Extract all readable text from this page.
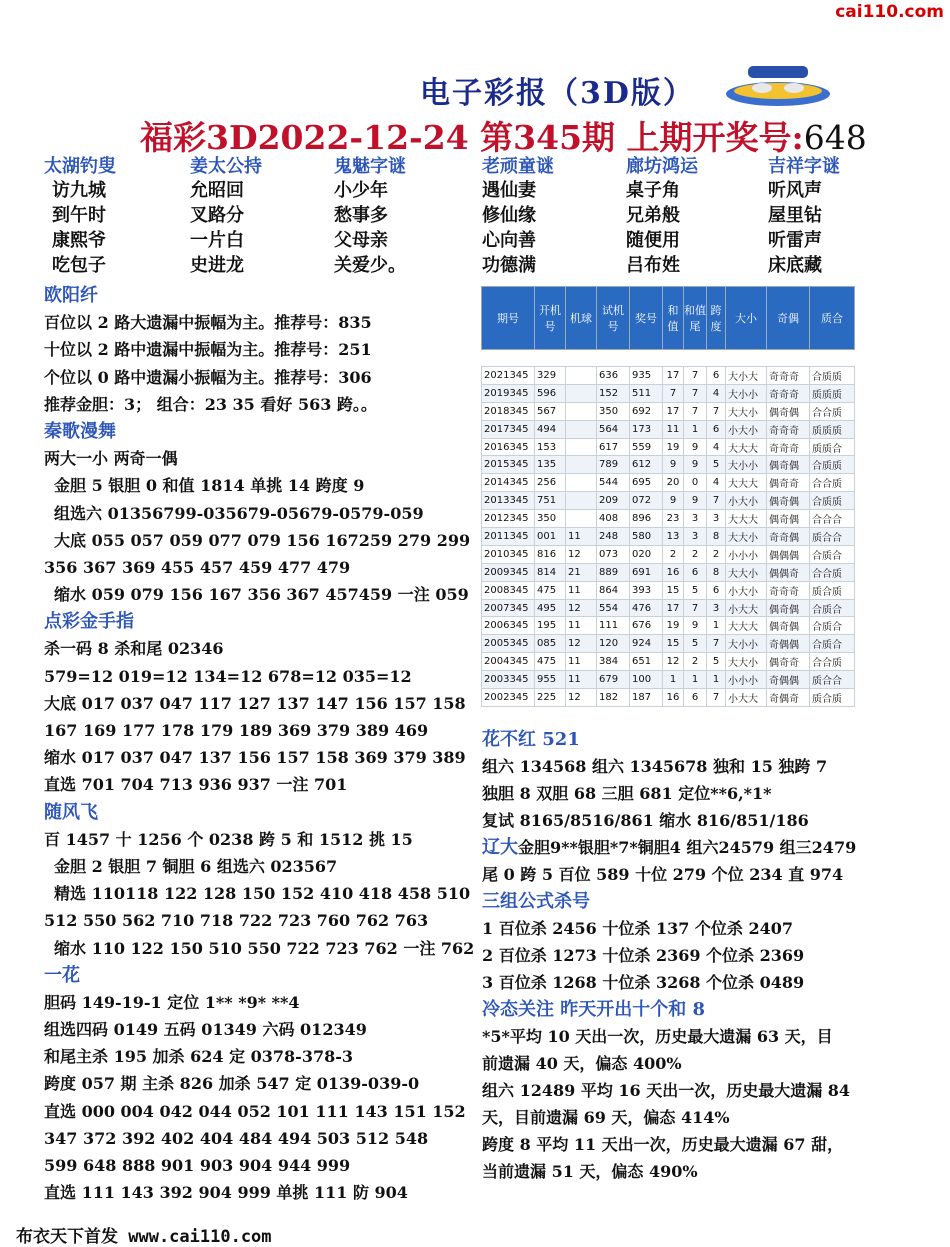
cai110.com
电子彩报（3D版）
福彩3D2022-12-24 第345期 上期开奖号:648
太湖钓叟
访九城
到午时
康熙爷
吃包子
姜太公持
允昭回
叉路分
一片白
史进龙
鬼魅字谜
小少年
愁事多
父母亲
关爱少。
老顽童谜
遇仙妻
修仙缘
心向善
功德满
廊坊鸿运
桌子角
兄弟般
随便用
吕布姓
吉祥字谜
听风声
屋里钻
听雷声
床底藏
欧阳纤
百位以 2 路大遗漏中振幅为主。推荐号：835
十位以 2 路中遗漏中振幅为主。推荐号：251
个位以 0 路中遗漏小振幅为主。推荐号：306
推荐金胆：3； 组合：23 35 看好 563 跨。。
秦歌漫舞
两大一小 两奇一偶
金胆 5 银胆 0 和值 1814 单挑 14 跨度 9
组选六 01356799-035679-05679-0579-059
大底 055 057 059 077 079 156 167259 279 299
356 367 369 455 457 459 477 479
缩水 059 079 156 167 356 367 457459 一注 059
点彩金手指
杀一码 8 杀和尾 02346
579=12 019=12 134=12 678=12 035=12
大底 017 037 047 117 127 137 147 156 157 158
167 169 177 178 179 189 369 379 389 469
缩水 017 037 047 137 156 157 158 369 379 389
直选 701 704 713 936 937 一注 701
随风飞
百 1457 十 1256 个 0238 跨 5 和 1512 挑 15
金胆 2 银胆 7 铜胆 6 组选六 023567
精选 110118 122 128 150 152 410 418 458 510
512 550 562 710 718 722 723 760 762 763
缩水 110 122 150 510 550 722 723 762 一注 762
一花
胆码 149-19-1 定位 1** *9* **4
组选四码 0149 五码 01349 六码 012349
和尾主杀 195 加杀 624 定 0378-378-3
跨度 057 期 主杀 826 加杀 547 定 0139-039-0
直选 000 004 042 044 052 101 111 143 151 152
347 372 392 402 404 484 494 503 512 548
599 648 888 901 903 904 944 999
直选 111 143 392 904 999 单挑 111 防 904
期号	开机号	机球	试机号	奖号	和值	和值尾	跨度	大小	奇偶	质合

2021345	329		636	935	17	7	6	大小大	奇奇奇	合质质
2019345	596		152	511	7	7	4	大小小	奇奇奇	质质质
2018345	567		350	692	17	7	7	大大小	偶奇偶	合合质
2017345	494		564	173	11	1	6	小大小	奇奇奇	质质质
2016345	153		617	559	19	9	4	大大大	奇奇奇	质质合
2015345	135		789	612	9	9	5	大小小	偶奇偶	合质质
2014345	256		544	695	20	0	4	大大大	偶奇奇	合合质
2013345	751		209	072	9	9	7	小大小	偶奇偶	合质质
2012345	350		408	896	23	3	3	大大大	偶奇偶	合合合
2011345	001	11	248	580	13	3	8	大大小	奇奇偶	质合合
2010345	816	12	073	020	2	2	2	小小小	偶偶偶	合质合
2009345	814	21	889	691	16	6	8	大大小	偶偶奇	合合质
2008345	475	11	864	393	15	5	6	小大小	奇奇奇	质合质
2007345	495	12	554	476	17	7	3	小大大	偶奇偶	合质合
2006345	195	11	111	676	19	9	1	大大大	偶奇偶	合质合
2005345	085	12	120	924	15	5	7	大小小	奇偶偶	合质合
2004345	475	11	384	651	12	2	5	大大小	偶奇奇	合合质
2003345	955	11	679	100	1	1	1	小小小	奇偶偶	质合合
2002345	225	12	182	187	16	6	7	小大大	奇偶奇	质合质
花不红 521
组六 134568 组六 1345678 独和 15 独跨 7
独胆 8 双胆 68 三胆 681 定位**6,*1*
复试 8165/8516/861 缩水 816/851/186
辽大金胆9**银胆*7*铜胆4 组六24579 组三2479
尾 0 跨 5 百位 589 十位 279 个位 234 直 974
三组公式杀号
1 百位杀 2456 十位杀 137 个位杀 2407
2 百位杀 1273 十位杀 2369 个位杀 2369
3 百位杀 1268 十位杀 3268 个位杀 0489
冷态关注 昨天开出十个和 8
*5*平均 10 天出一次，历史最大遗漏 63 天，目
前遗漏 40 天，偏态 400%
组六 12489 平均 16 天出一次，历史最大遗漏 84
天，目前遗漏 69 天，偏态 414%
跨度 8 平均 11 天出一次，历史最大遗漏 67 甜，
当前遗漏 51 天，偏态 490%
布衣天下首发 www.cai110.com
